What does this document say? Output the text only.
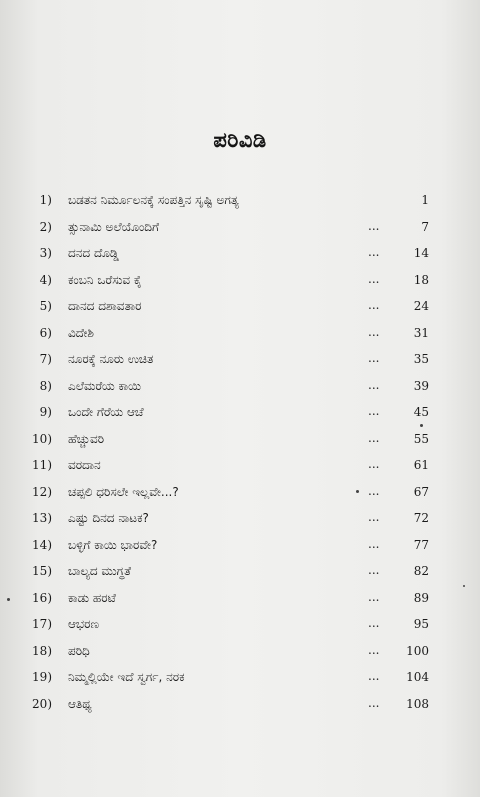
ಪರಿವಿಡಿ
1) ಬಡತನ ನಿರ್ಮೂಲನಕ್ಕೆ ಸಂಪತ್ತಿನ ಸೃಷ್ಟಿ ಅಗತ್ಯ	1
2) ತ್ಸುನಾಮಿ ಅಲೆಯೊಂದಿಗೆ	...	7
3) ದನದ ದೊಡ್ಡಿ	...	14
4) ಕಂಬನಿ ಒರೆಸುವ ಕೈ	...	18
5) ದಾನದ ದಶಾವತಾರ	...	24
6) ವಿದೇಶಿ	...	31
7) ನೂರಕ್ಕೆ ನೂರು ಉಚಿತ	...	35
8) ಎಲೆಮರೆಯ ಕಾಯಿ	...	39
9) ಒಂದೇ ಗೆರೆಯ ಆಚೆ	...	45
10) ಹೆಚ್ಚುವರಿ	...	55
11) ವರದಾನ	...	61
12) ಚಪ್ಪಲಿ ಧರಿಸಲೇ ಇಲ್ಲವೇ...?	...	67
13) ಎಷ್ಟು ದಿನದ ನಾಟಕ?	...	72
14) ಬಳ್ಳಿಗೆ ಕಾಯಿ ಭಾರವೇ?	...	77
15) ಬಾಲ್ಯದ ಮುಗ್ಧತೆ	...	82
16) ಕಾಡು ಹರಟೆ	...	89
17) ಆಭರಣ	...	95
18) ಪರಿಧಿ	...	100
19) ನಿಮ್ಮಲ್ಲಿಯೇ ಇದೆ ಸ್ವರ್ಗ, ನರಕ	...	104
20) ಆತಿಥ್ಯ	...	108
